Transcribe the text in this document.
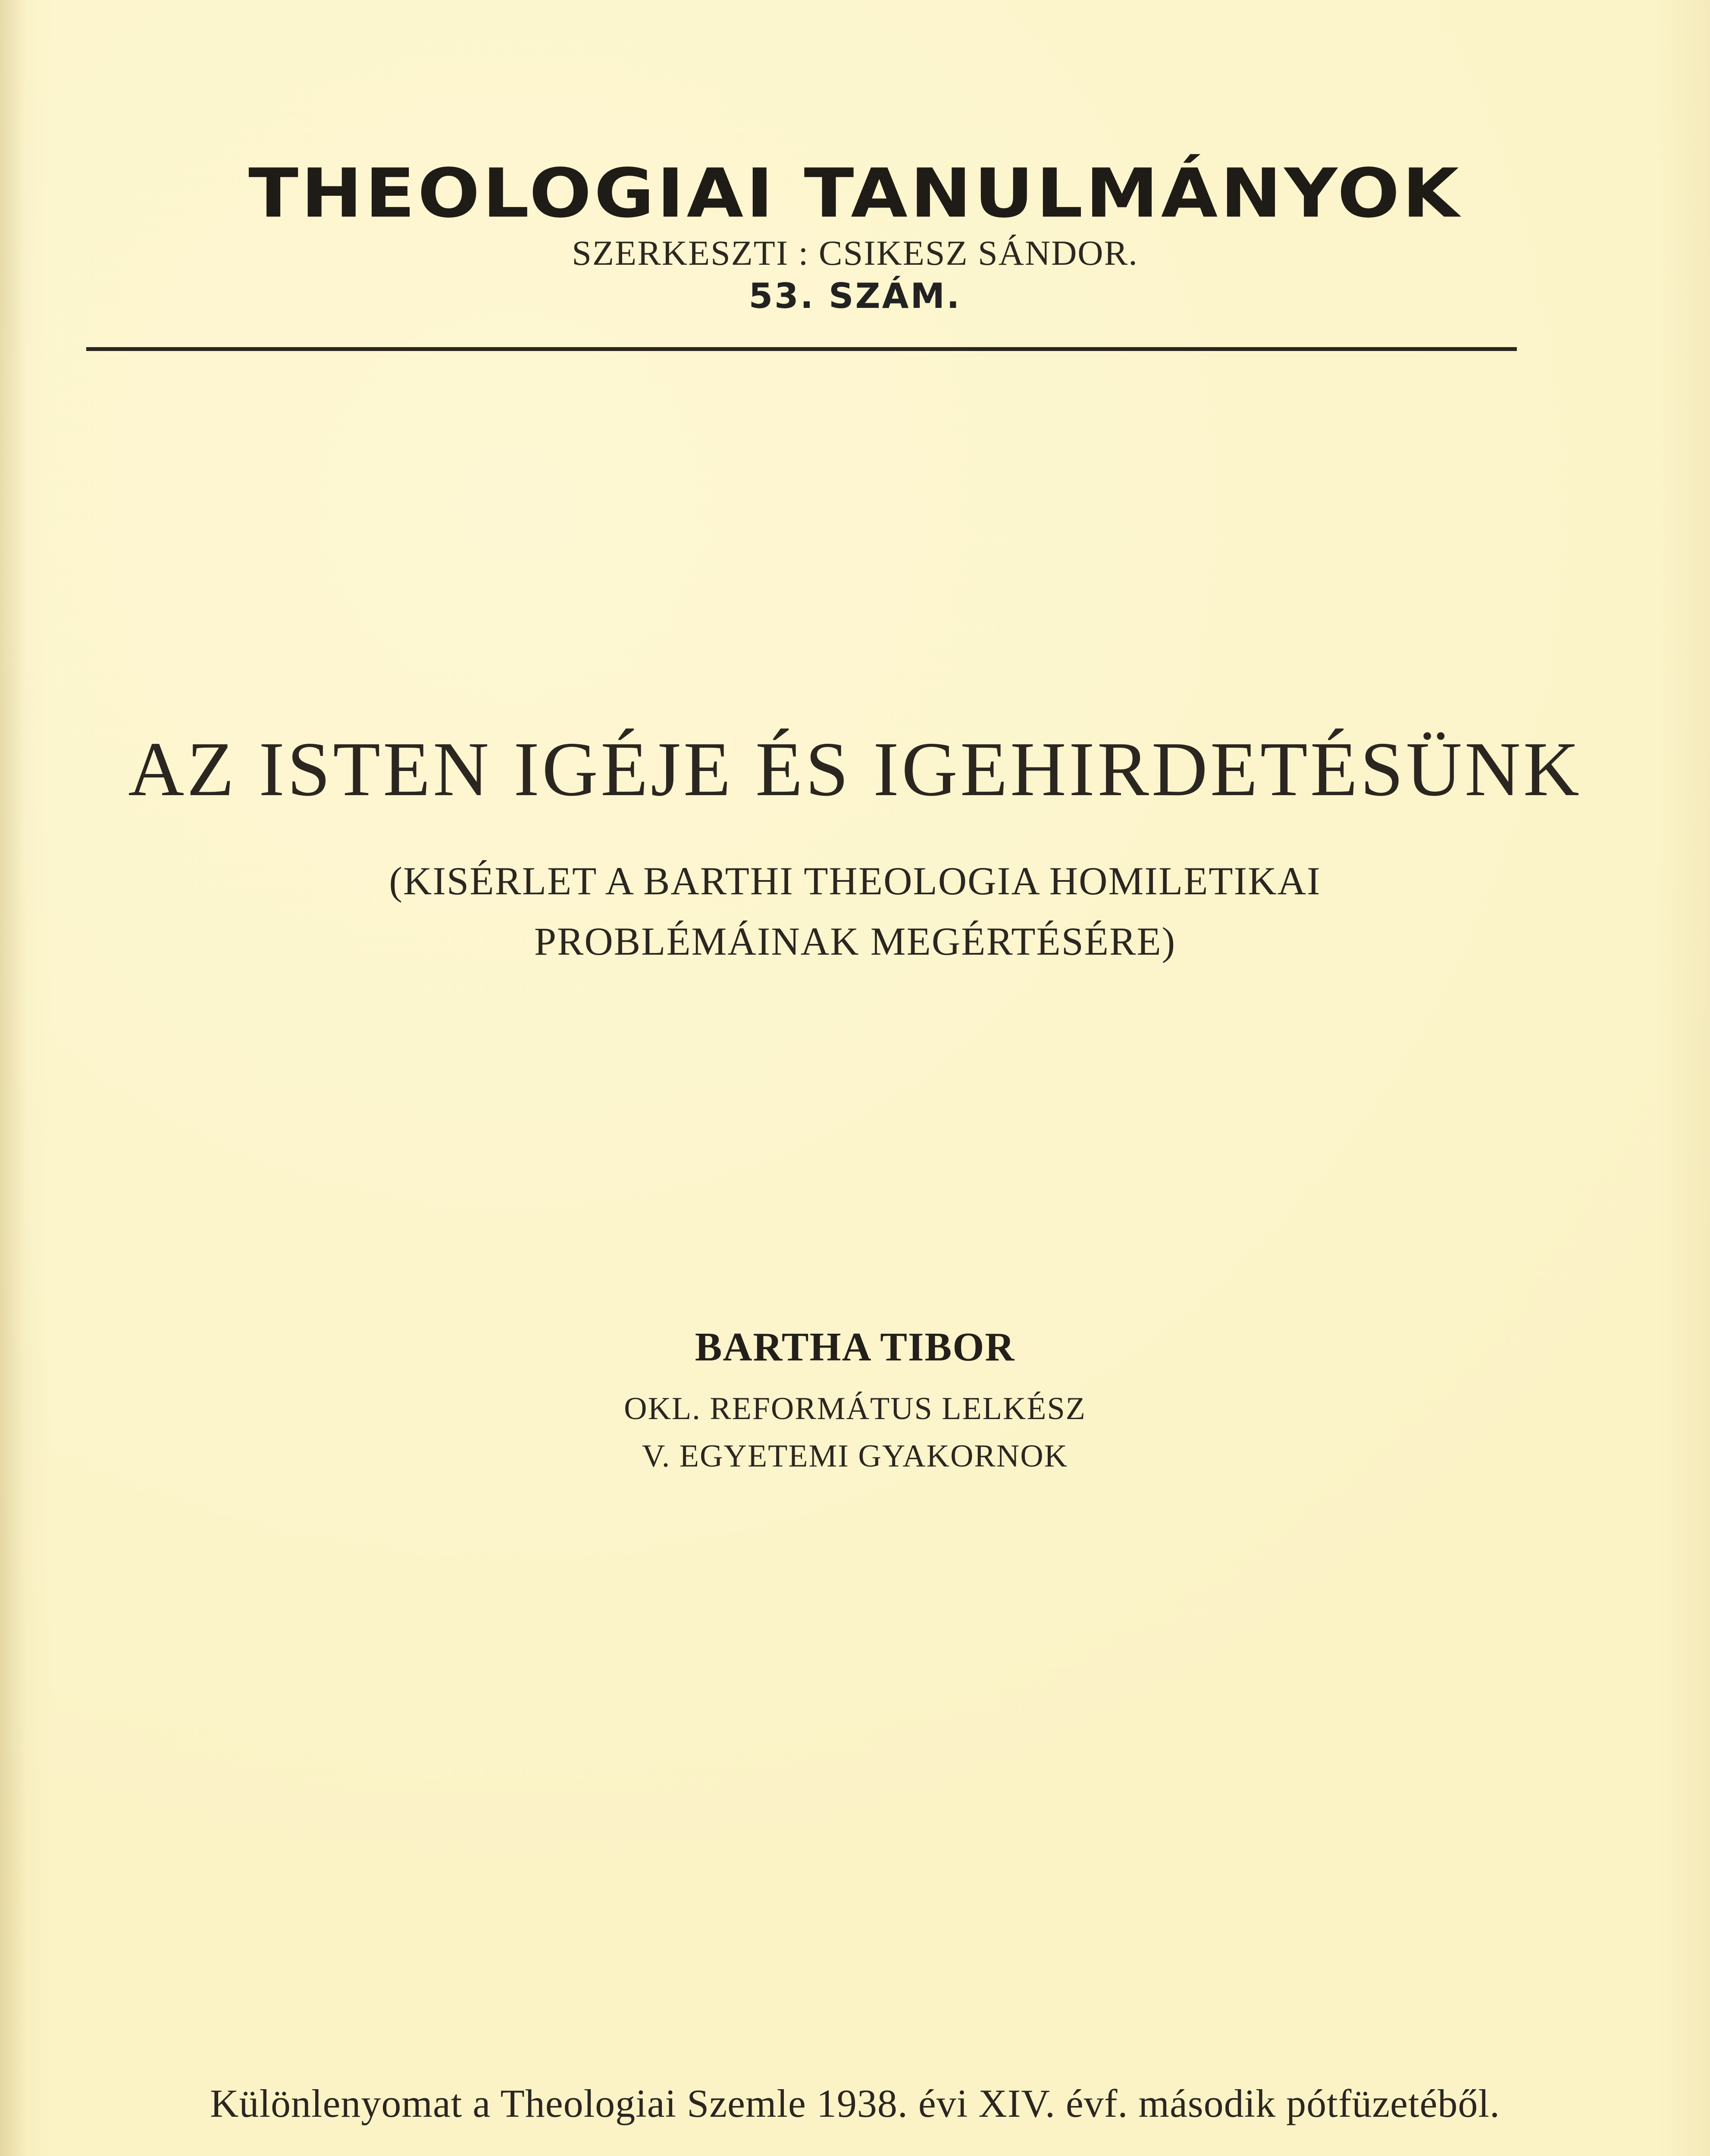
THEOLOGIAI TANULMÁNYOK
SZERKESZTI : CSIKESZ SÁNDOR.
53. SZÁM.
AZ ISTEN IGÉJE ÉS IGEHIRDETÉSÜNK
(KISÉRLET A BARTHI THEOLOGIA HOMILETIKAI
PROBLÉMÁINAK MEGÉRTÉSÉRE)
BARTHA TIBOR
OKL. REFORMÁTUS LELKÉSZ
V. EGYETEMI GYAKORNOK
Különlenyomat a Theologiai Szemle 1938. évi XIV. évf. második pótfüzetéből.
